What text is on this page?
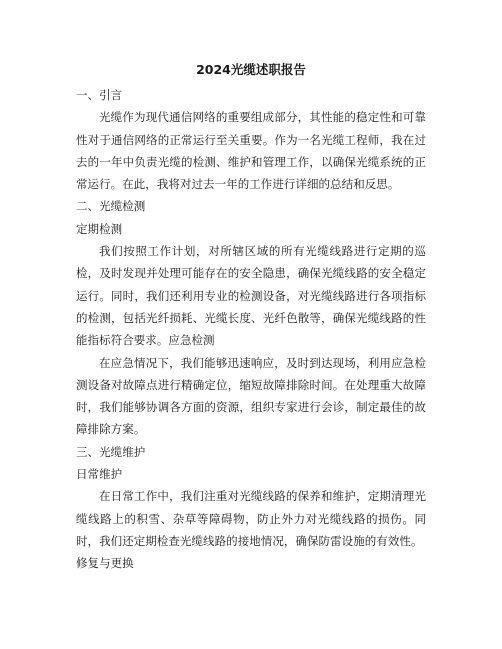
2024光缆述职报告

一、引言

光缆作为现代通信网络的重要组成部分，其性能的稳定性和可靠性对于通信网络的正常运行至关重要。作为一名光缆工程师，我在过去的一年中负责光缆的检测、维护和管理工作，以确保光缆系统的正常运行。在此，我将对过去一年的工作进行详细的总结和反思。

二、光缆检测

定期检测

我们按照工作计划，对所辖区域的所有光缆线路进行定期的巡检，及时发现并处理可能存在的安全隐患，确保光缆线路的安全稳定运行。同时，我们还利用专业的检测设备，对光缆线路进行各项指标的检测，包括光纤损耗、光缆长度、光纤色散等，确保光缆线路的性能指标符合要求。应急检测

在应急情况下，我们能够迅速响应，及时到达现场，利用应急检测设备对故障点进行精确定位，缩短故障排除时间。在处理重大故障时，我们能够协调各方面的资源，组织专家进行会诊，制定最佳的故障排除方案。

三、光缆维护

日常维护

在日常工作中，我们注重对光缆线路的保养和维护，定期清理光缆线路上的积雪、杂草等障碍物，防止外力对光缆线路的损伤。同时，我们还定期检查光缆线路的接地情况，确保防雷设施的有效性。

修复与更换
